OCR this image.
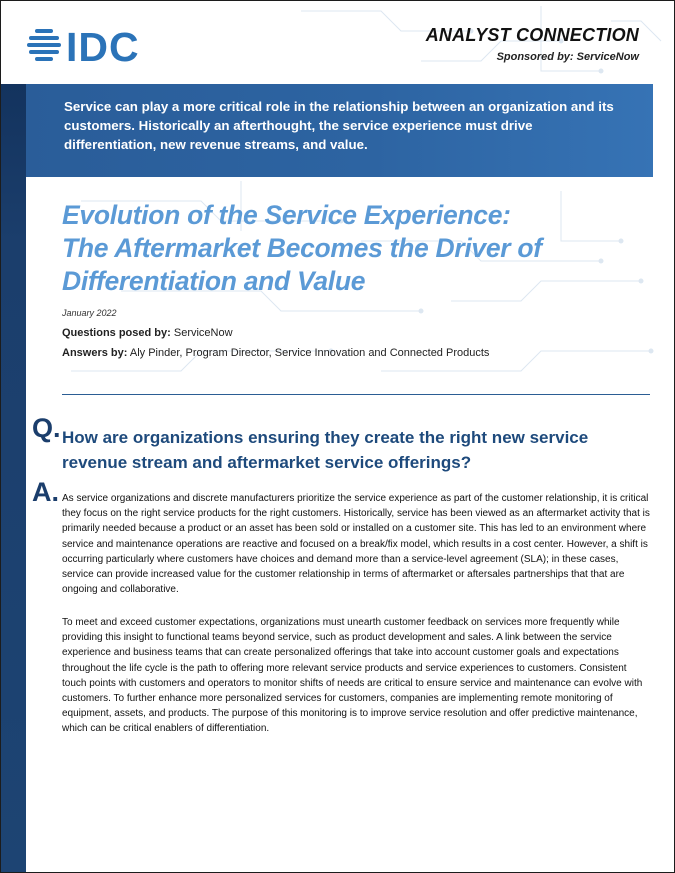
IDC	ANALYST CONNECTION
Sponsored by: ServiceNow
Service can play a more critical role in the relationship between an organization and its customers. Historically an afterthought, the service experience must drive differentiation, new revenue streams, and value.
Evolution of the Service Experience:
The Aftermarket Becomes the Driver of
Differentiation and Value
January 2022
Questions posed by: ServiceNow
Answers by: Aly Pinder, Program Director, Service Innovation and Connected Products
Q. How are organizations ensuring they create the right new service revenue stream and aftermarket service offerings?
A. As service organizations and discrete manufacturers prioritize the service experience as part of the customer relationship, it is critical they focus on the right service products for the right customers. Historically, service has been viewed as an aftermarket activity that is primarily needed because a product or an asset has been sold or installed on a customer site. This has led to an environment where service and maintenance operations are reactive and focused on a break/fix model, which results in a cost center. However, a shift is occurring particularly where customers have choices and demand more than a service-level agreement (SLA); in these cases, service can provide increased value for the customer relationship in terms of aftermarket or aftersales partnerships that that are ongoing and collaborative.

To meet and exceed customer expectations, organizations must unearth customer feedback on services more frequently while providing this insight to functional teams beyond service, such as product development and sales. A link between the service experience and business teams that can create personalized offerings that take into account customer goals and expectations throughout the life cycle is the path to offering more relevant service products and service experiences to customers. Consistent touch points with customers and operators to monitor shifts of needs are critical to ensure service and maintenance can evolve with customers. To further enhance more personalized services for customers, companies are implementing remote monitoring of equipment, assets, and products. The purpose of this monitoring is to improve service resolution and offer predictive maintenance, which can be critical enablers of differentiation.
